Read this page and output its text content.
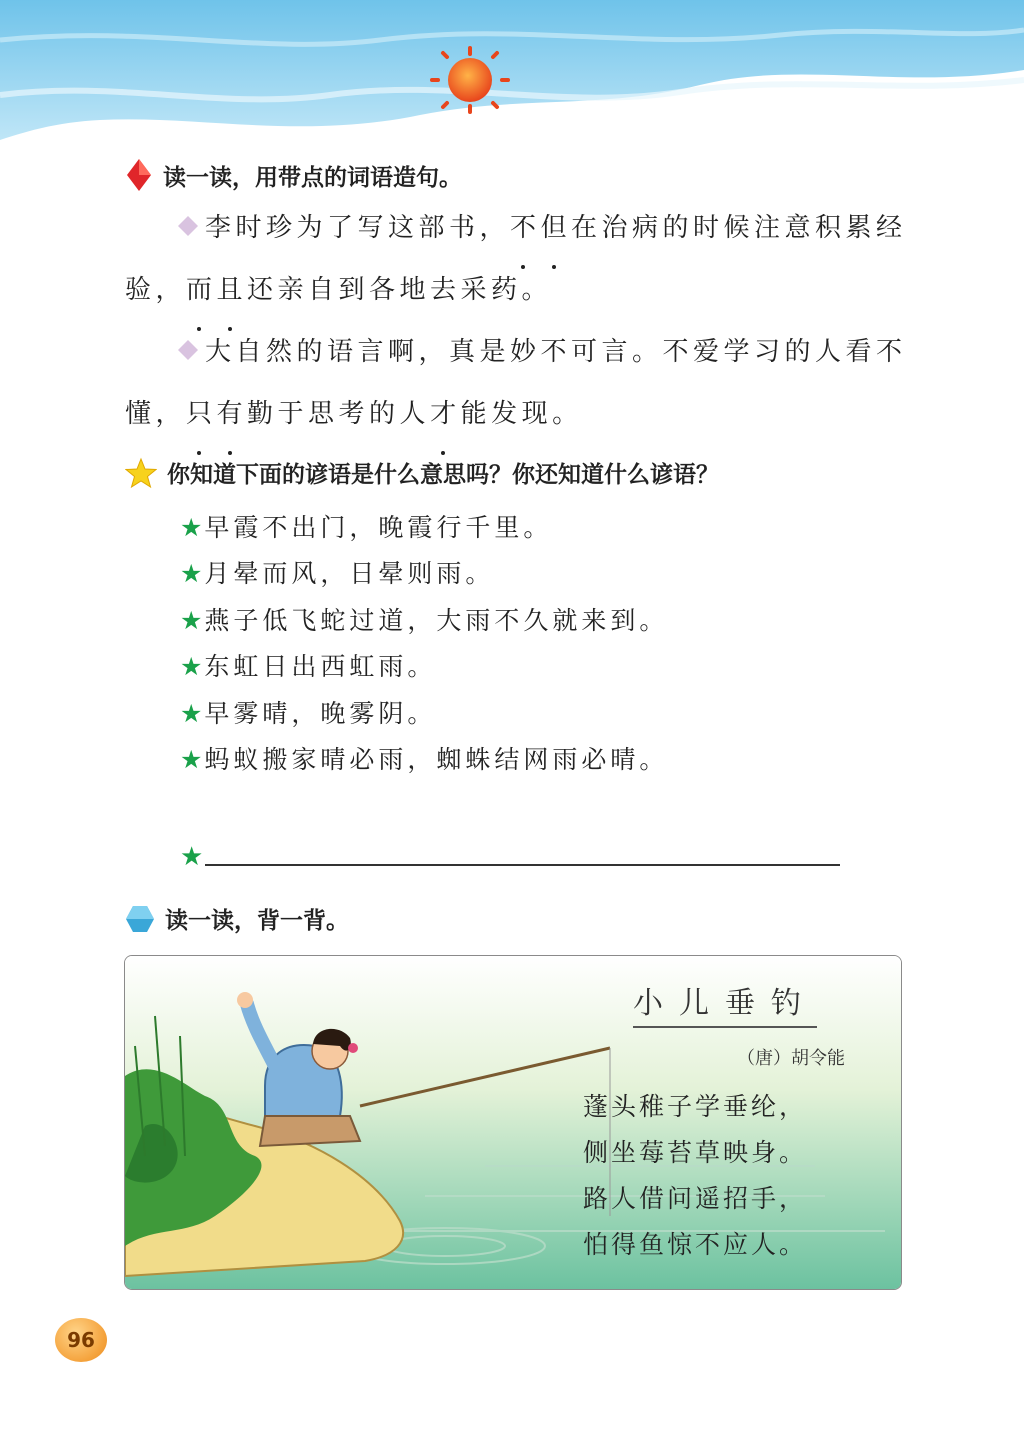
读一读，用带点的词语造句。
李时珍为了写这部书，不但在治病的时候注意积累经
验，而且还亲自到各地去采药。
大自然的语言啊，真是妙不可言。不爱学习的人看不
懂，只有勤于思考的人才能发现。
你知道下面的谚语是什么意思吗？你还知道什么谚语？
★早霞不出门，晚霞行千里。
★月晕而风，日晕则雨。
★燕子低飞蛇过道，大雨不久就来到。
★东虹日出西虹雨。
★早雾晴，晚雾阴。
★蚂蚁搬家晴必雨，蜘蛛结网雨必晴。
★
读一读，背一背。
小儿垂钓
（唐）胡令能
蓬头稚子学垂纶，
侧坐莓苔草映身。
路人借问遥招手，
怕得鱼惊不应人。
96
